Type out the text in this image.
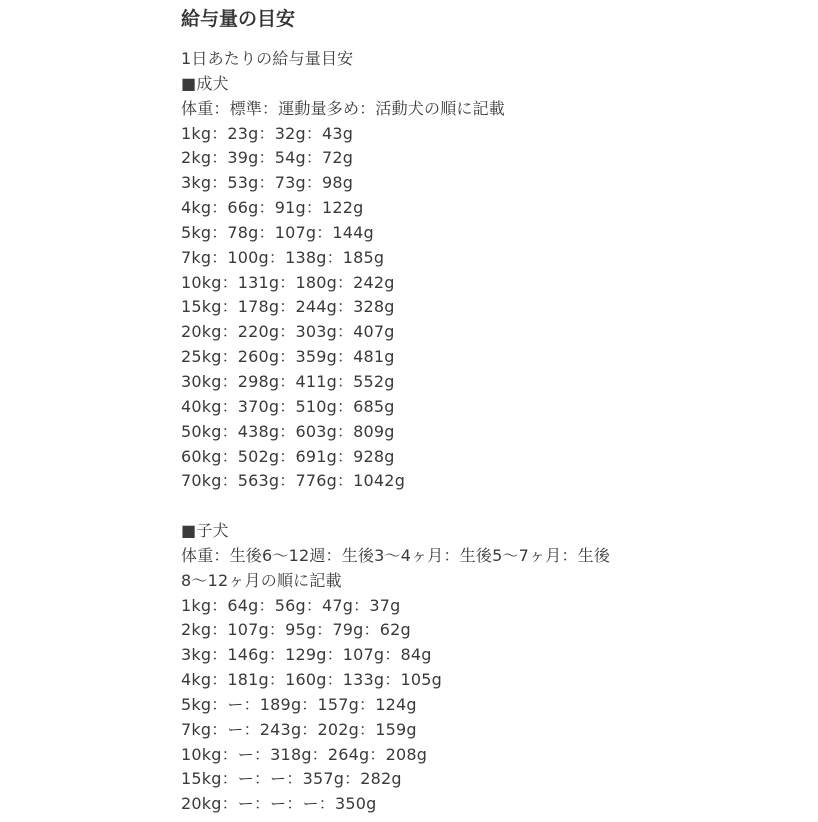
給与量の目安
1日あたりの給与量目安
■成犬
体重：標準：運動量多め：活動犬の順に記載
1kg：23g：32g：43g
2kg：39g：54g：72g
3kg：53g：73g：98g
4kg：66g：91g：122g
5kg：78g：107g：144g
7kg：100g：138g：185g
10kg：131g：180g：242g
15kg：178g：244g：328g
20kg：220g：303g：407g
25kg：260g：359g：481g
30kg：298g：411g：552g
40kg：370g：510g：685g
50kg：438g：603g：809g
60kg：502g：691g：928g
70kg：563g：776g：1042g
■子犬
体重：生後6〜12週：生後3〜4ヶ月：生後5〜7ヶ月：生後
8〜12ヶ月の順に記載
1kg：64g：56g：47g：37g
2kg：107g：95g：79g：62g
3kg：146g：129g：107g：84g
4kg：181g：160g：133g：105g
5kg：ー：189g：157g：124g
7kg：ー：243g：202g：159g
10kg：ー：318g：264g：208g
15kg：ー：ー：357g：282g
20kg：ー：ー：ー：350g
